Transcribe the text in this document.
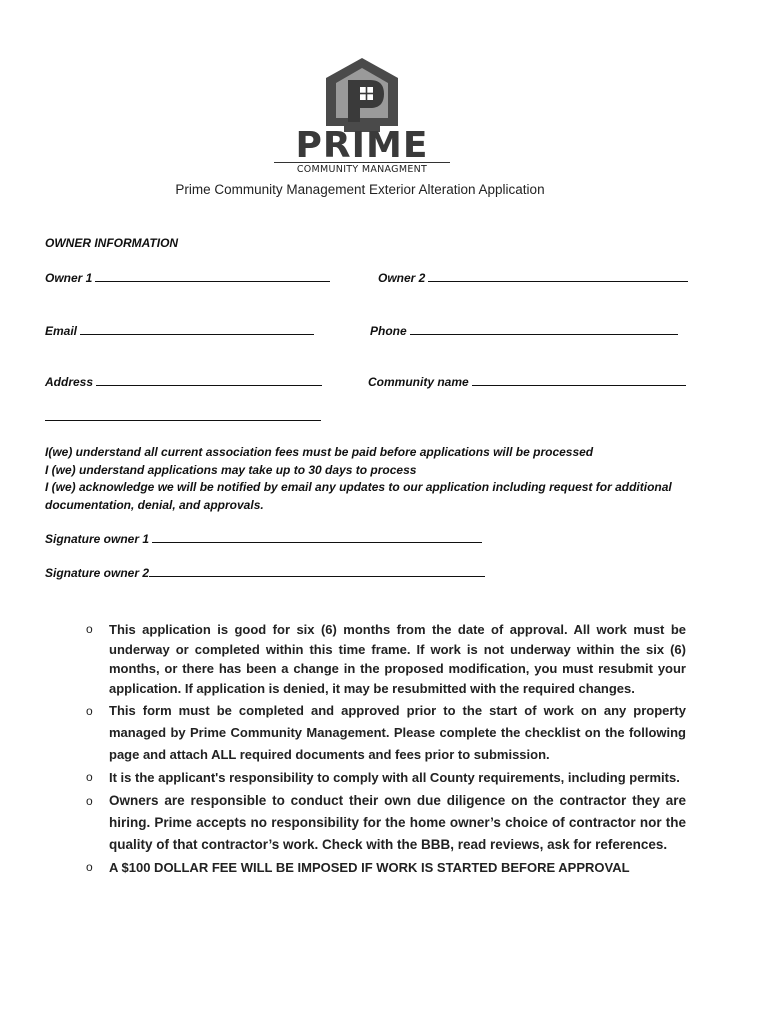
PRIME
COMMUNITY MANAGMENT
Prime Community Management Exterior Alteration Application
OWNER INFORMATION
Owner 1	Owner 2
Email	Phone
Address	Community name
I(we) understand all current association fees must be paid before applications will be processed
I (we) understand applications may take up to 30 days to process
I (we) acknowledge we will be notified by email any updates to our application including request for additional documentation, denial, and approvals.
Signature owner 1
Signature owner 2
o This application is good for six (6) months from the date of approval. All work must be underway or completed within this time frame. If work is not underway within the six (6) months, or there has been a change in the proposed modification, you must resubmit your application. If application is denied, it may be resubmitted with the required changes.
o This form must be completed and approved prior to the start of work on any property managed by Prime Community Management. Please complete the checklist on the following page and attach ALL required documents and fees prior to submission.
o It is the applicant's responsibility to comply with all County requirements, including permits.
o Owners are responsible to conduct their own due diligence on the contractor they are hiring. Prime accepts no responsibility for the home owner’s choice of contractor nor the quality of that contractor’s work. Check with the BBB, read reviews, ask for references.
o A $100 DOLLAR FEE WILL BE IMPOSED IF WORK IS STARTED BEFORE APPROVAL
